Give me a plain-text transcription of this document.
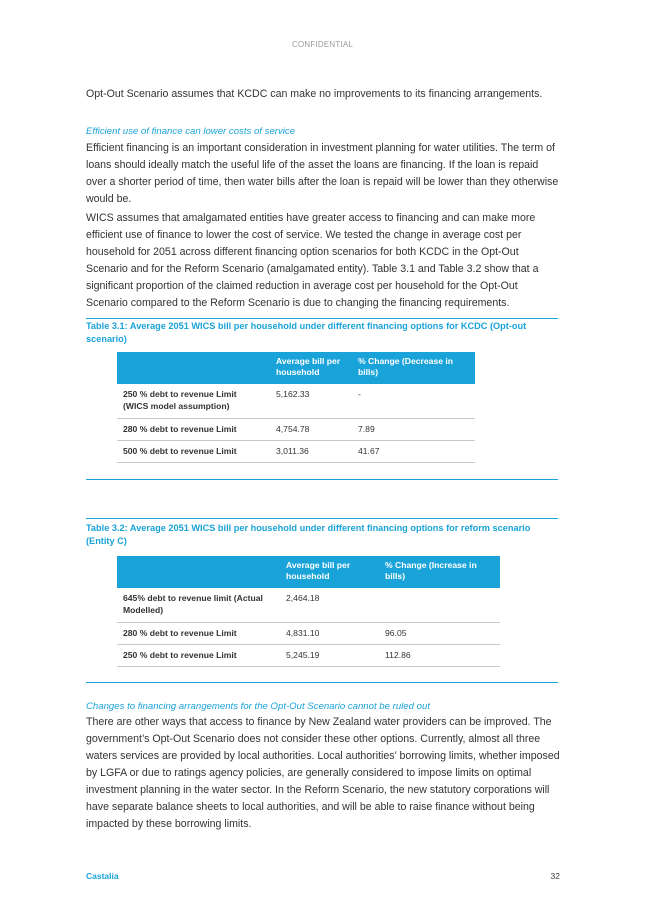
CONFIDENTIAL
Opt-Out Scenario assumes that KCDC can make no improvements to its financing arrangements.
Efficient use of finance can lower costs of service
Efficient financing is an important consideration in investment planning for water utilities. The term of loans should ideally match the useful life of the asset the loans are financing. If the loan is repaid over a shorter period of time, then water bills after the loan is repaid will be lower than they otherwise would be.
WICS assumes that amalgamated entities have greater access to financing and can make more efficient use of finance to lower the cost of service. We tested the change in average cost per household for 2051 across different financing option scenarios for both KCDC in the Opt-Out Scenario and for the Reform Scenario (amalgamated entity). Table 3.1 and Table 3.2 show that a significant proportion of the claimed reduction in average cost per household for the Opt-Out Scenario compared to the Reform Scenario is due to changing the financing requirements.
Table 3.1: Average 2051 WICS bill per household under different financing options for KCDC (Opt-out scenario)
	Average bill per household	% Change (Decrease in bills)
250 % debt to revenue Limit (WICS model assumption)	5,162.33	-
280 % debt to revenue Limit	4,754.78	7.89
500 % debt to revenue Limit	3,011.36	41.67
Table 3.2: Average 2051 WICS bill per household under different financing options for reform scenario (Entity C)
	Average bill per household	% Change (Increase in bills)
645% debt to revenue limit (Actual Modelled)	2,464.18	
280 % debt to revenue Limit	4,831.10	96.05
250 % debt to revenue Limit	5,245.19	112.86
Changes to financing arrangements for the Opt-Out Scenario cannot be ruled out
There are other ways that access to finance by New Zealand water providers can be improved. The government’s Opt-Out Scenario does not consider these other options. Currently, almost all three waters services are provided by local authorities. Local authorities’ borrowing limits, whether imposed by LGFA or due to ratings agency policies, are generally considered to impose limits on optimal investment planning in the water sector. In the Reform Scenario, the new statutory corporations will have separate balance sheets to local authorities, and will be able to raise finance without being impacted by these borrowing limits.
Castalia	32
